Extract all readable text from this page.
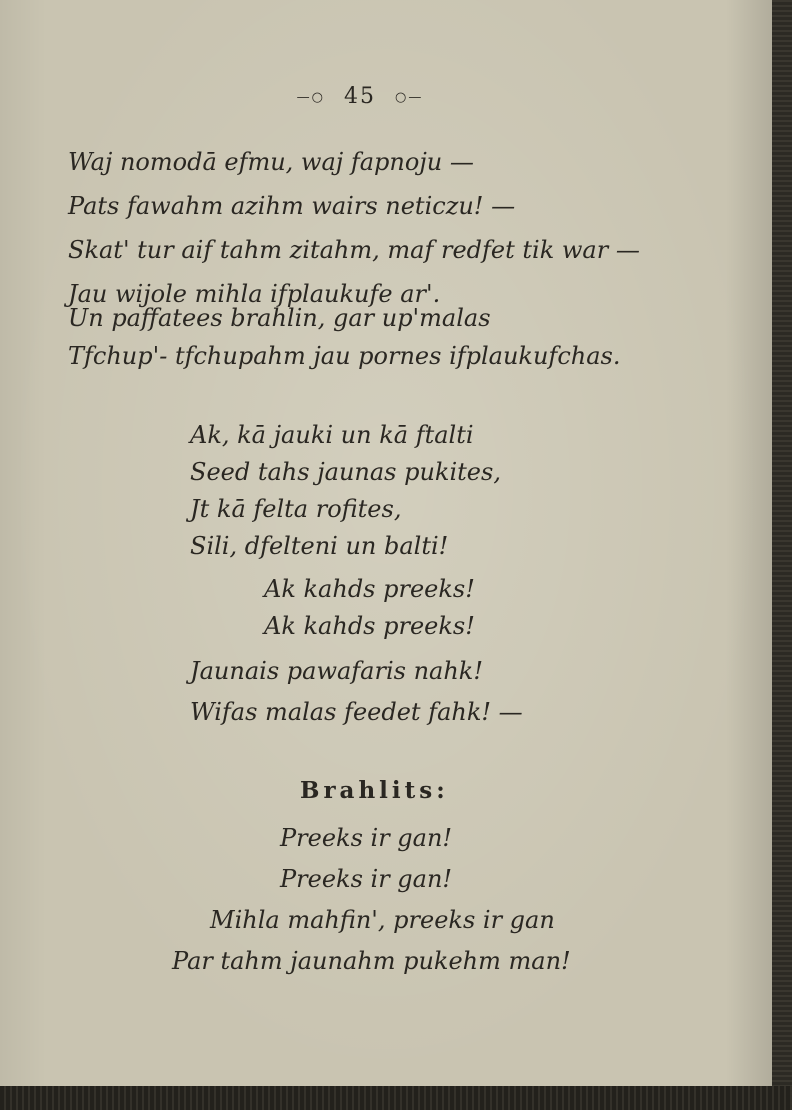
—○ 45 ○—
Waj nomodā efmu, waj fapnoju —
Pats fawahm azihm wairs neticzu! —
Skat' tur aif tahm zitahm, maf redfet tik war —
Jau wijole mihla ifplaukufe ar'.
Un paffatees brahlin, gar up'malas
Tfchup'- tfchupahm jau pornes ifplaukufchas.
Ak, kā jauki un kā ftalti
Seed tahs jaunas pukites,
Jt kā felta rofites,
Sili, dfelteni un balti!
Ak kahds preeks!
Ak kahds preeks!
Jaunais pawafaris nahk!
Wifas malas feedet fahk! —
Brahlits:
Preeks ir gan!
Preeks ir gan!
Mihla mahfin', preeks ir gan
Par tahm jaunahm pukehm man!
